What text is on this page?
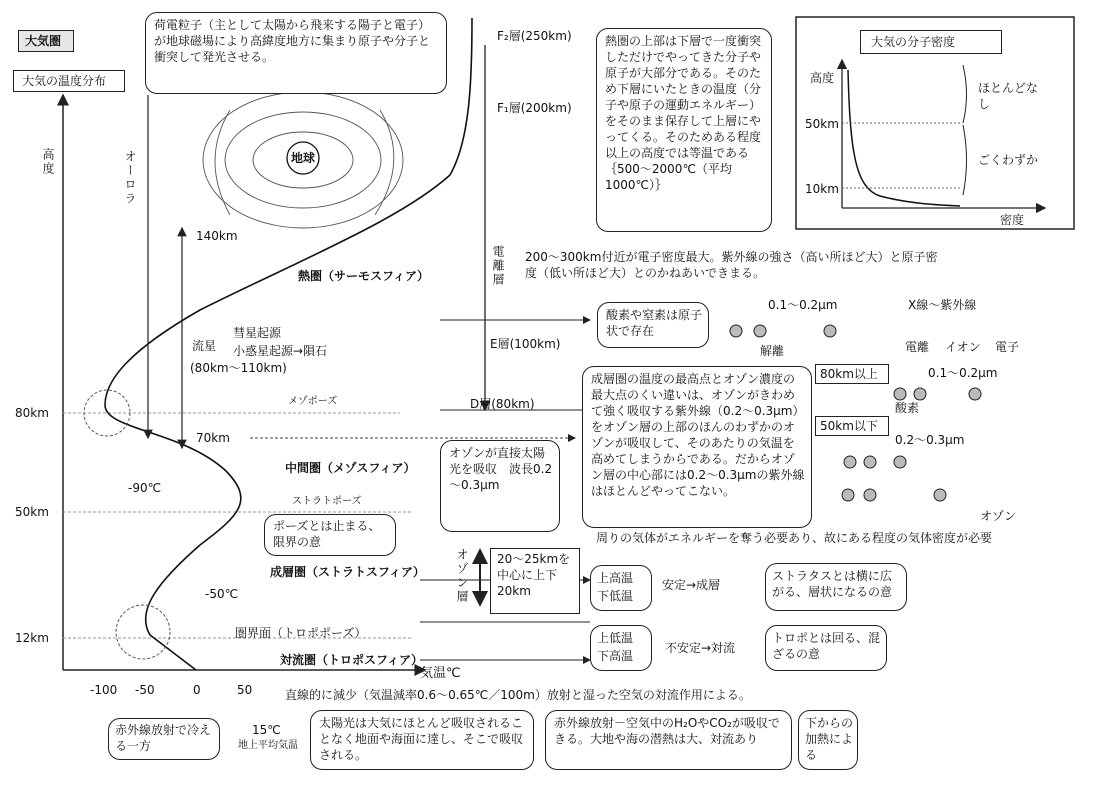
大気圏
大気の温度分布
高度
気温℃
80km
50km
12km
-100 -50	0	50
荷電粒子（主として太陽から飛来する陽子と電子）が地球磁場により高緯度地方に集まり原子や分子と衝突して発光させる。
オーロラ	地球
F₂層(250km)
F₁層(200km)
熱圏の上部は下層で一度衝突しただけでやってきた分子や原子が大部分である。そのため下層にいたときの温度（分子や原子の運動エネルギー）をそのまま保存して上層にやってくる。そのためある程度以上の高度では等温である｛500～2000℃（平均1000℃）｝
大気の分子密度
高度
密度
50km
10km
ほとんどなし
ごくわずか
電離層 200～300km付近が電子密度最大。紫外線の強さ（高い所ほど大）と原子密度（低い所ほど大）とのかねあいできまる。
E層(100km)
D層(80km)
140km
70km
熱圏（サーモスフィア）
流星
彗星起源
小惑星起源→隕石
(80km～110km)
メゾポーズ
酸素や窒素は原子状で存在
0.1～0.2μm
解離
X線～紫外線
電離 イオン 電子
成層圏の温度の最高点とオゾン濃度の最大点のくい違いは、オゾンがきわめて強く吸収する紫外線（0.2～0.3μm）をオゾン層の上部のほんのわずかのオゾンが吸収して、そのあたりの気温を高めてしまうからである。だからオゾン層の中心部には0.2～0.3μmの紫外線はほとんどやってこない。
80km以上	0.1～0.2μm
酸素
50km以下
0.2～0.3μm
オゾン
周りの気体がエネルギーを奪う必要あり、故にある程度の気体密度が必要
中間圏（メゾスフィア）
ストラトポーズ
ポーズとは止まる、限界の意
成層圏（ストラトスフィア）
圏界面（トロポポーズ）
対流圏（トロポスフィア）
オゾンが直接太陽光を吸収　波長0.2～0.3μm
オゾン層 20～25kmを中心に上下20km
-90℃
-50℃
15℃
地上平均気温
上高温
下低温
安定→成層
ストラタスとは横に広がる、層状になるの意
上低温
下高温
不安定→対流
トロポとは回る、混ざるの意
直線的に減少（気温減率0.6～0.65℃／100m）放射と湿った空気の対流作用による。
赤外線放射で冷える一方
太陽光は大気にほとんど吸収されることなく地面や海面に達し、そこで吸収される。
赤外線放射－空気中のH₂OやCO₂が吸収できる。大地や海の潜熱は大、対流あり
下からの加熱による
